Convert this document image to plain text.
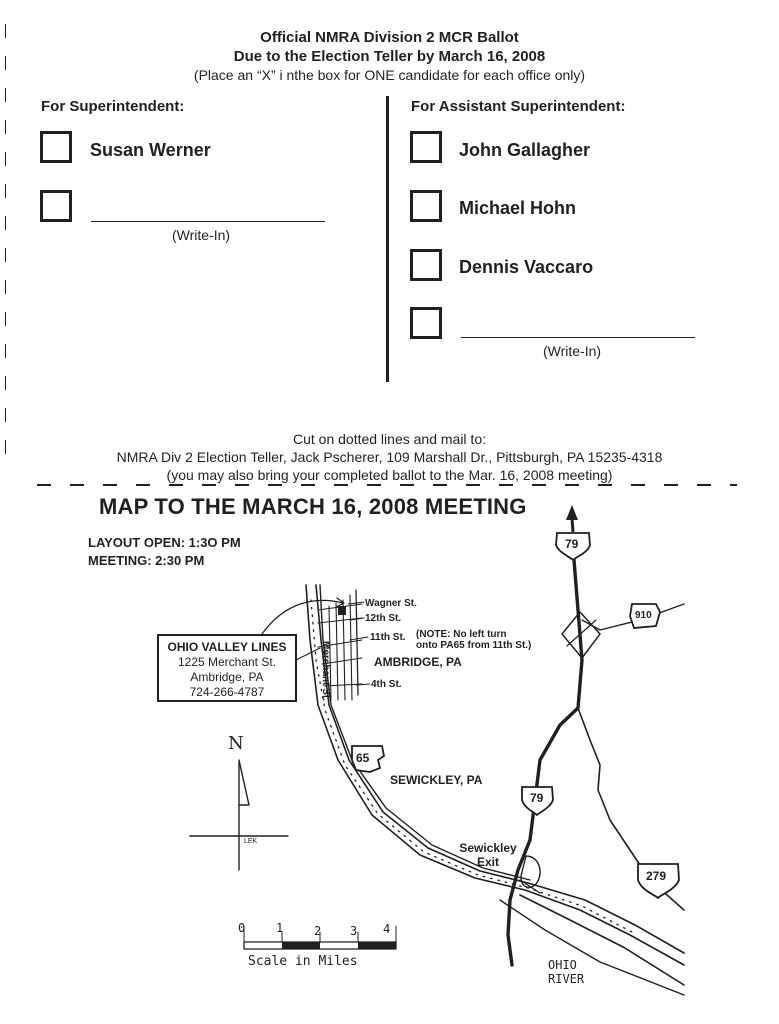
Official NMRA Division 2 MCR Ballot
Due to the Election Teller by March 16, 2008
(Place an “X” i nthe box for ONE candidate for each office only)
For Superintendent:
Susan Werner
(Write-In)
For Assistant Superintendent:
John Gallagher
Michael Hohn
Dennis Vaccaro
(Write-In)
Cut on dotted lines and mail to:
NMRA Div 2 Election Teller, Jack Pscherer, 109 Marshall Dr., Pittsburgh, PA 15235-4318
(you may also bring your completed ballot to the Mar. 16, 2008 meeting)
MAP TO THE MARCH 16, 2008 MEETING
LAYOUT OPEN: 1:3O PM
MEETING: 2:30 PM
65
79
79
910
279
OHIO VALLEY LINES
1225 Merchant St.
Ambridge, PA
724-266-4787
Wagner St.
12th St.
11th St.
4th St.
Merchant St.
(NOTE: No left turn
onto PA65 from 11th St.)
AMBRIDGE, PA
SEWICKLEY, PA
Sewickley
Exit
OHIO
RIVER
N
LEK
0	1	2 3 4
Scale in Miles
